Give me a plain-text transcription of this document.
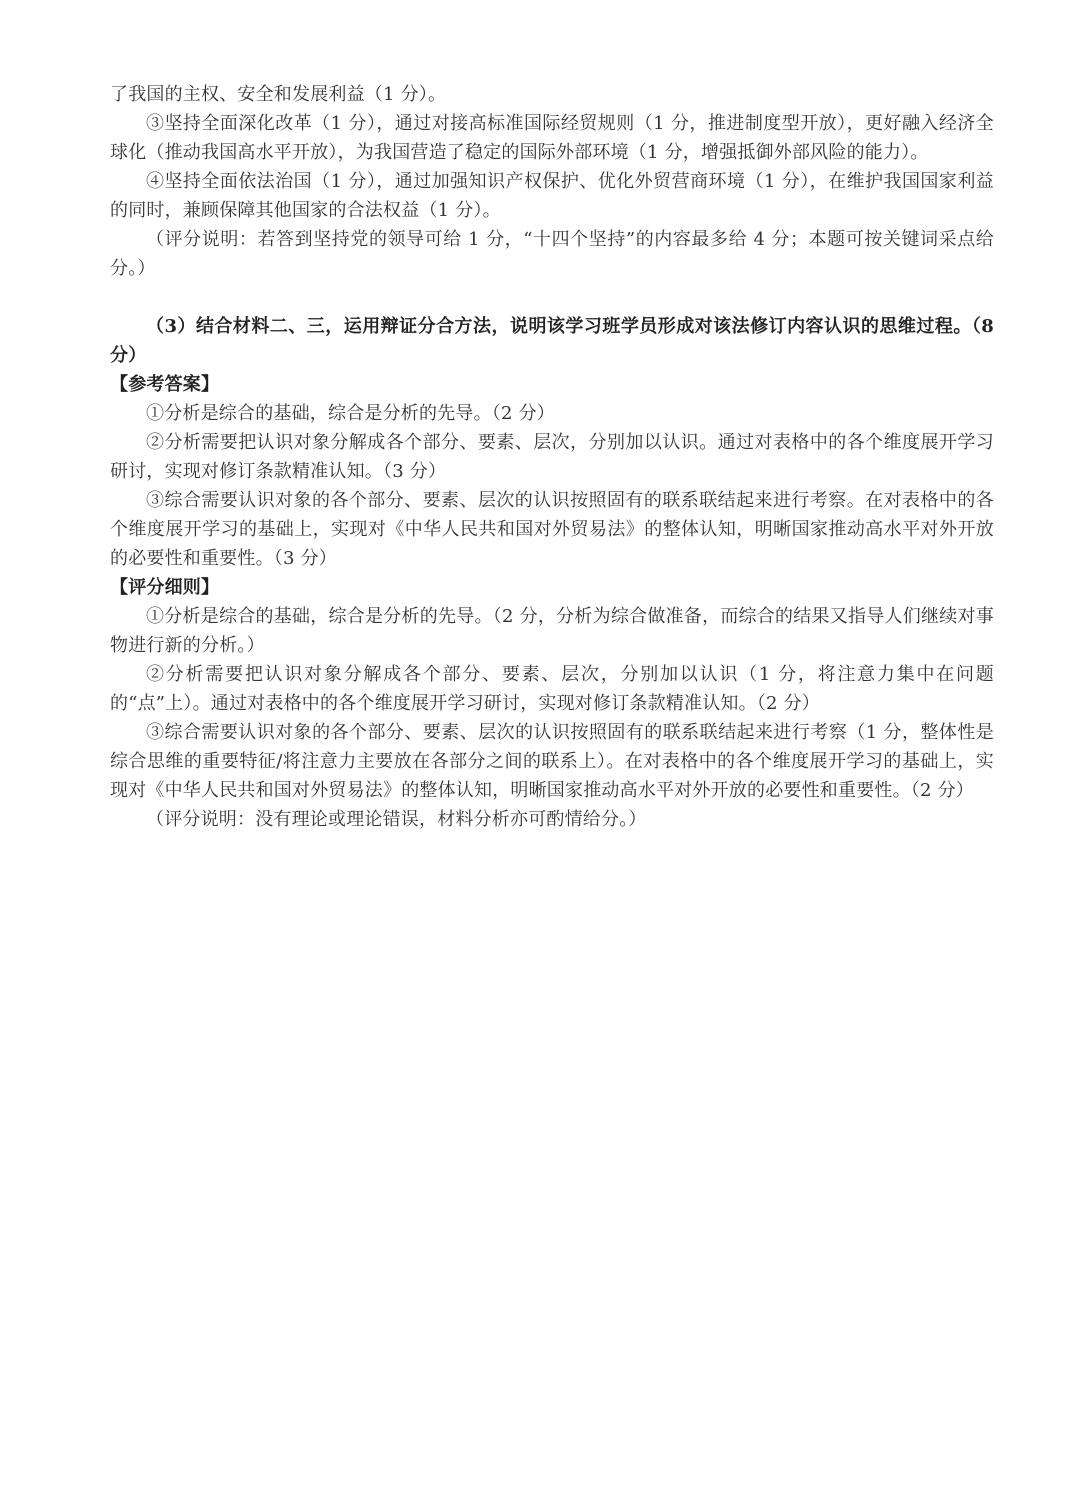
了我国的主权、安全和发展利益（1 分）。

③坚持全面深化改革（1 分），通过对接高标准国际经贸规则（1 分，推进制度型开放），更好融入经济全球化（推动我国高水平开放），为我国营造了稳定的国际外部环境（1 分，增强抵御外部风险的能力）。

④坚持全面依法治国（1 分），通过加强知识产权保护、优化外贸营商环境（1 分），在维护我国国家利益的同时，兼顾保障其他国家的合法权益（1 分）。

（评分说明：若答到坚持党的领导可给 1 分，“十四个坚持”的内容最多给 4 分；本题可按关键词采点给分。）

（3）结合材料二、三，运用辩证分合方法，说明该学习班学员形成对该法修订内容认识的思维过程。（8 分）

【参考答案】

①分析是综合的基础，综合是分析的先导。（2 分）

②分析需要把认识对象分解成各个部分、要素、层次，分别加以认识。通过对表格中的各个维度展开学习研讨，实现对修订条款精准认知。（3 分）

③综合需要认识对象的各个部分、要素、层次的认识按照固有的联系联结起来进行考察。在对表格中的各个维度展开学习的基础上，实现对《中华人民共和国对外贸易法》的整体认知，明晰国家推动高水平对外开放的必要性和重要性。（3 分）

【评分细则】

①分析是综合的基础，综合是分析的先导。（2 分，分析为综合做准备，而综合的结果又指导人们继续对事物进行新的分析。）

②分析需要把认识对象分解成各个部分、要素、层次，分别加以认识（1 分，将注意力集中在问题的“点”上）。通过对表格中的各个维度展开学习研讨，实现对修订条款精准认知。（2 分）

③综合需要认识对象的各个部分、要素、层次的认识按照固有的联系联结起来进行考察（1 分，整体性是综合思维的重要特征/将注意力主要放在各部分之间的联系上）。在对表格中的各个维度展开学习的基础上，实现对《中华人民共和国对外贸易法》的整体认知，明晰国家推动高水平对外开放的必要性和重要性。（2 分）

（评分说明：没有理论或理论错误，材料分析亦可酌情给分。）
